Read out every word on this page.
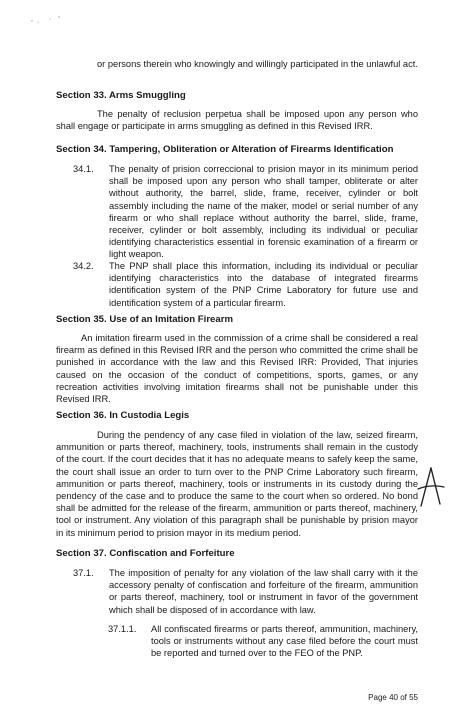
or persons therein who knowingly and willingly participated in the unlawful act.

Section 33. Arms Smuggling

The penalty of reclusion perpetua shall be imposed upon any person who shall engage or participate in arms smuggling as defined in this Revised IRR.

Section 34. Tampering, Obliteration or Alteration of Firearms Identification

34.1. The penalty of prision correccional to prision mayor in its minimum period shall be imposed upon any person who shall tamper, obliterate or alter without authority, the barrel, slide, frame, receiver, cylinder or bolt assembly including the name of the maker, model or serial number of any firearm or who shall replace without authority the barrel, slide, frame, receiver, cylinder or bolt assembly, including its individual or peculiar identifying characteristics essential in forensic examination of a firearm or light weapon.

34.2. The PNP shall place this information, including its individual or peculiar identifying characteristics into the database of integrated firearms identification system of the PNP Crime Laboratory for future use and identification system of a particular firearm.

Section 35. Use of an Imitation Firearm

An imitation firearm used in the commission of a crime shall be considered a real firearm as defined in this Revised IRR and the person who committed the crime shall be punished in accordance with the law and this Revised IRR: Provided, That injuries caused on the occasion of the conduct of competitions, sports, games, or any recreation activities involving imitation firearms shall not be punishable under this Revised IRR.

Section 36. In Custodia Legis

During the pendency of any case filed in violation of the law, seized firearm, ammunition or parts thereof, machinery, tools, instruments shall remain in the custody of the court. If the court decides that it has no adequate means to safely keep the same, the court shall issue an order to turn over to the PNP Crime Laboratory such firearm, ammunition or parts thereof, machinery, tools or instruments in its custody during the pendency of the case and to produce the same to the court when so ordered. No bond shall be admitted for the release of the firearm, ammunition or parts thereof, machinery, tool or instrument. Any violation of this paragraph shall be punishable by prision mayor in its minimum period to prision mayor in its medium period.

Section 37. Confiscation and Forfeiture

37.1. The imposition of penalty for any violation of the law shall carry with it the accessory penalty of confiscation and forfeiture of the firearm, ammunition or parts thereof, machinery, tool or instrument in favor of the government which shall be disposed of in accordance with law.

37.1.1. All confiscated firearms or parts thereof, ammunition, machinery, tools or instruments without any case filed before the court must be reported and turned over to the FEO of the PNP.

Page 40 of 55
